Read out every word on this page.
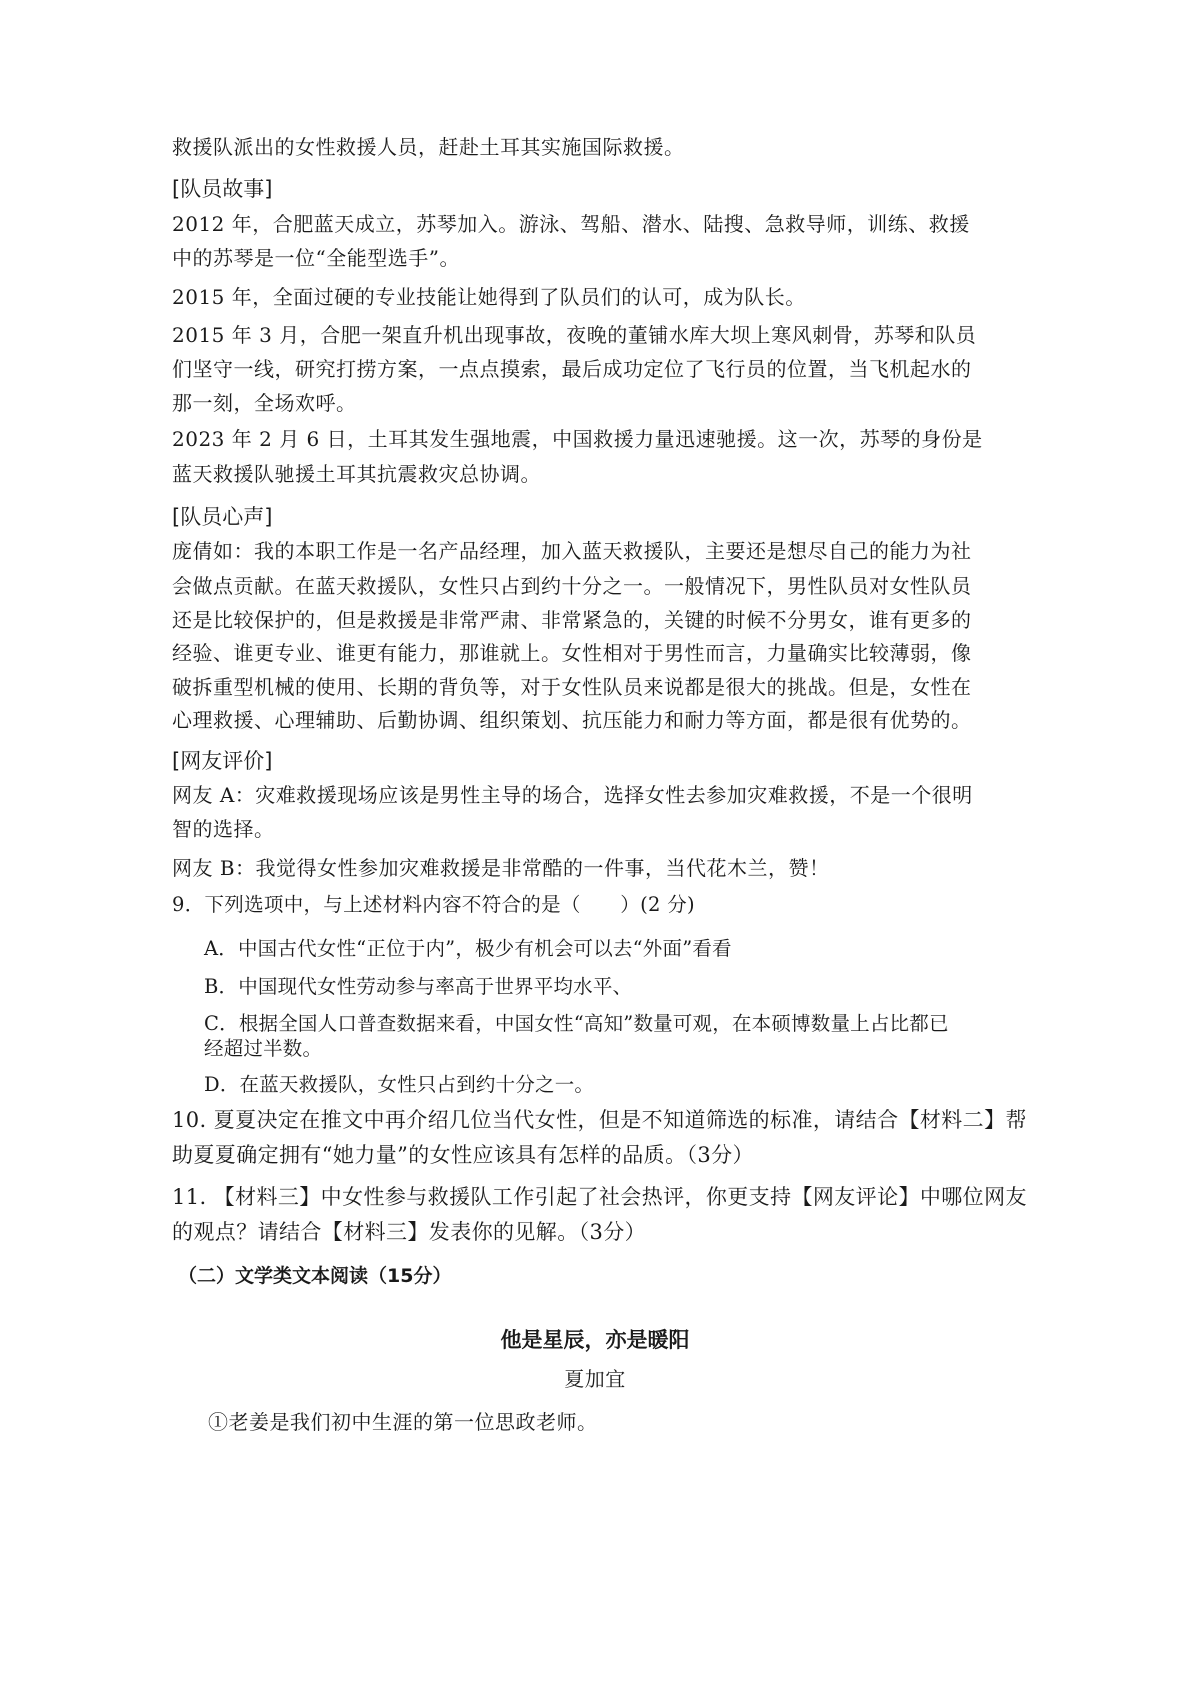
救援队派出的女性救援人员，赶赴土耳其实施国际救援。

[队员故事]

2012 年，合肥蓝天成立，苏琴加入。游泳、驾船、潜水、陆搜、急救导师，训练、救援

中的苏琴是一位“全能型选手”。

2015 年，全面过硬的专业技能让她得到了队员们的认可，成为队长。

2015 年 3 月，合肥一架直升机出现事故，夜晚的董铺水库大坝上寒风刺骨，苏琴和队员

们坚守一线，研究打捞方案，一点点摸索，最后成功定位了飞行员的位置，当飞机起水的

那一刻，全场欢呼。

2023 年 2 月 6 日，土耳其发生强地震，中国救援力量迅速驰援。这一次，苏琴的身份是

蓝天救援队驰援土耳其抗震救灾总协调。

[队员心声]

庞倩如：我的本职工作是一名产品经理，加入蓝天救援队，主要还是想尽自己的能力为社

会做点贡献。在蓝天救援队，女性只占到约十分之一。一般情况下，男性队员对女性队员

还是比较保护的，但是救援是非常严肃、非常紧急的，关键的时候不分男女，谁有更多的

经验、谁更专业、谁更有能力，那谁就上。女性相对于男性而言，力量确实比较薄弱，像

破拆重型机械的使用、长期的背负等，对于女性队员来说都是很大的挑战。但是，女性在

心理救援、心理辅助、后勤协调、组织策划、抗压能力和耐力等方面，都是很有优势的。

[网友评价]

网友 A：灾难救援现场应该是男性主导的场合，选择女性去参加灾难救援，不是一个很明

智的选择。

网友 B：我觉得女性参加灾难救援是非常酷的一件事，当代花木兰，赞！

9．下列选项中，与上述材料内容不符合的是（　　）(2 分)

A．中国古代女性“正位于内”，极少有机会可以去“外面”看看

B．中国现代女性劳动参与率高于世界平均水平、

C．根据全国人口普查数据来看，中国女性“高知”数量可观，在本硕博数量上占比都已

经超过半数。

D．在蓝天救援队，女性只占到约十分之一。

10. 夏夏决定在推文中再介绍几位当代女性，但是不知道筛选的标准，请结合【材料二】帮

助夏夏确定拥有“她力量”的女性应该具有怎样的品质。（3分）

11. 【材料三】中女性参与救援队工作引起了社会热评，你更支持【网友评论】中哪位网友

的观点？请结合【材料三】发表你的见解。（3分）

（二）文学类文本阅读（15分）

他是星辰，亦是暖阳

夏加宜

①老姜是我们初中生涯的第一位思政老师。
